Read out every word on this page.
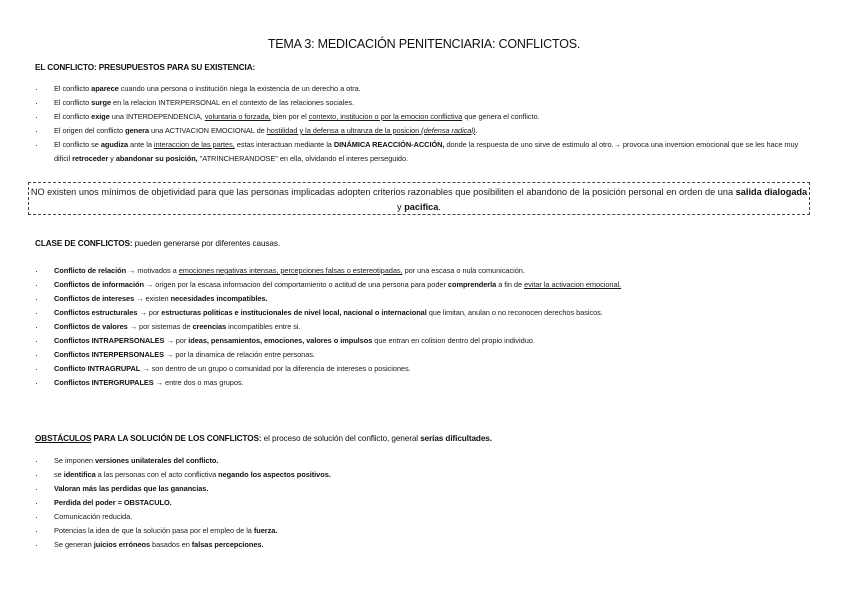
TEMA 3: MEDICACIÓN PENITENCIARIA: CONFLICTOS.
EL CONFLICTO: PRESUPUESTOS PARA SU EXISTENCIA:
· El conflicto aparece cuando una persona o institución niega la existencia de un derecho a otra.
· El conflicto surge en la relacion INTERPERSONAL en el contexto de las relaciones sociales.
· El conflicto exige una INTERDEPENDENCIA, voluntaria o forzada, bien por el contexto, institucion o por la emocion conflictiva que genera el conflicto.
· El origen del conflicto genera una ACTIVACION EMOCIONAL de hostilidad y la defensa a ultranza de la posicion (defensa radical).
· El conflicto se agudiza ante la interaccion de las partes, estas interactuan mediante la DINÁMICA REACCIÓN-ACCIÓN, donde la respuesta de uno sirve de estimulo al otro.→ provoca una inversion emocional que se les hace muy dificil retroceder y abandonar su posición, "ATRINCHERANDOSE" en ella, olvidando el interes perseguido.
NO existen unos mínimos de objetividad para que las personas implicadas adopten criterios razonables que posibiliten el abandono de la posición personal en orden de una salida dialogada y pacifica.
CLASE DE CONFLICTOS: pueden generarse por diferentes causas.
· Conflicto de relación → motivados a emociones negativas intensas, percepciones falsas o estereotipadas, por una escasa o nula comunicación.
· Conflictos de información → origen por la escasa informacion del comportamiento o actitud de una persona para poder comprenderla a fin de evitar la activacion emocional.
· Conflictos de intereses → existen necesidades incompatibles.
· Conflictos estructurales → por estructuras politicas e institucionales de nivel local, nacional o internacional que limitan, anulan o no reconocen derechos basicos.
· Conflictos de valores → por sistemas de creencias incompatibles entre si.
· Conflictos INTRAPERSONALES → por ideas, pensamientos, emociones, valores o impulsos que entran en colision dentro del propio individuo.
· Conflictos INTERPERSONALES → por la dinamica de relación entre personas.
· Conflicto INTRAGRUPAL → son dentro de un grupo o comunidad por la diferencia de intereses o posiciones.
· Conflictos INTERGRUPALES → entre dos o mas grupos.
OBSTÁCULOS PARA LA SOLUCIÓN DE LOS CONFLICTOS: el proceso de solución del conflicto, general serías dificultades.
· Se imponen versiones unilaterales del conflicto.
· se identifica a las personas con el acto conflictiva negando los aspectos positivos.
· Valoran más las perdidas que las ganancias.
· Perdida del poder = OBSTACULO.
· Comunicación reducida.
· Potencias la idea de que la solución pasa por el empleo de la fuerza.
· Se generan juicios erróneos basados en falsas percepciones.
